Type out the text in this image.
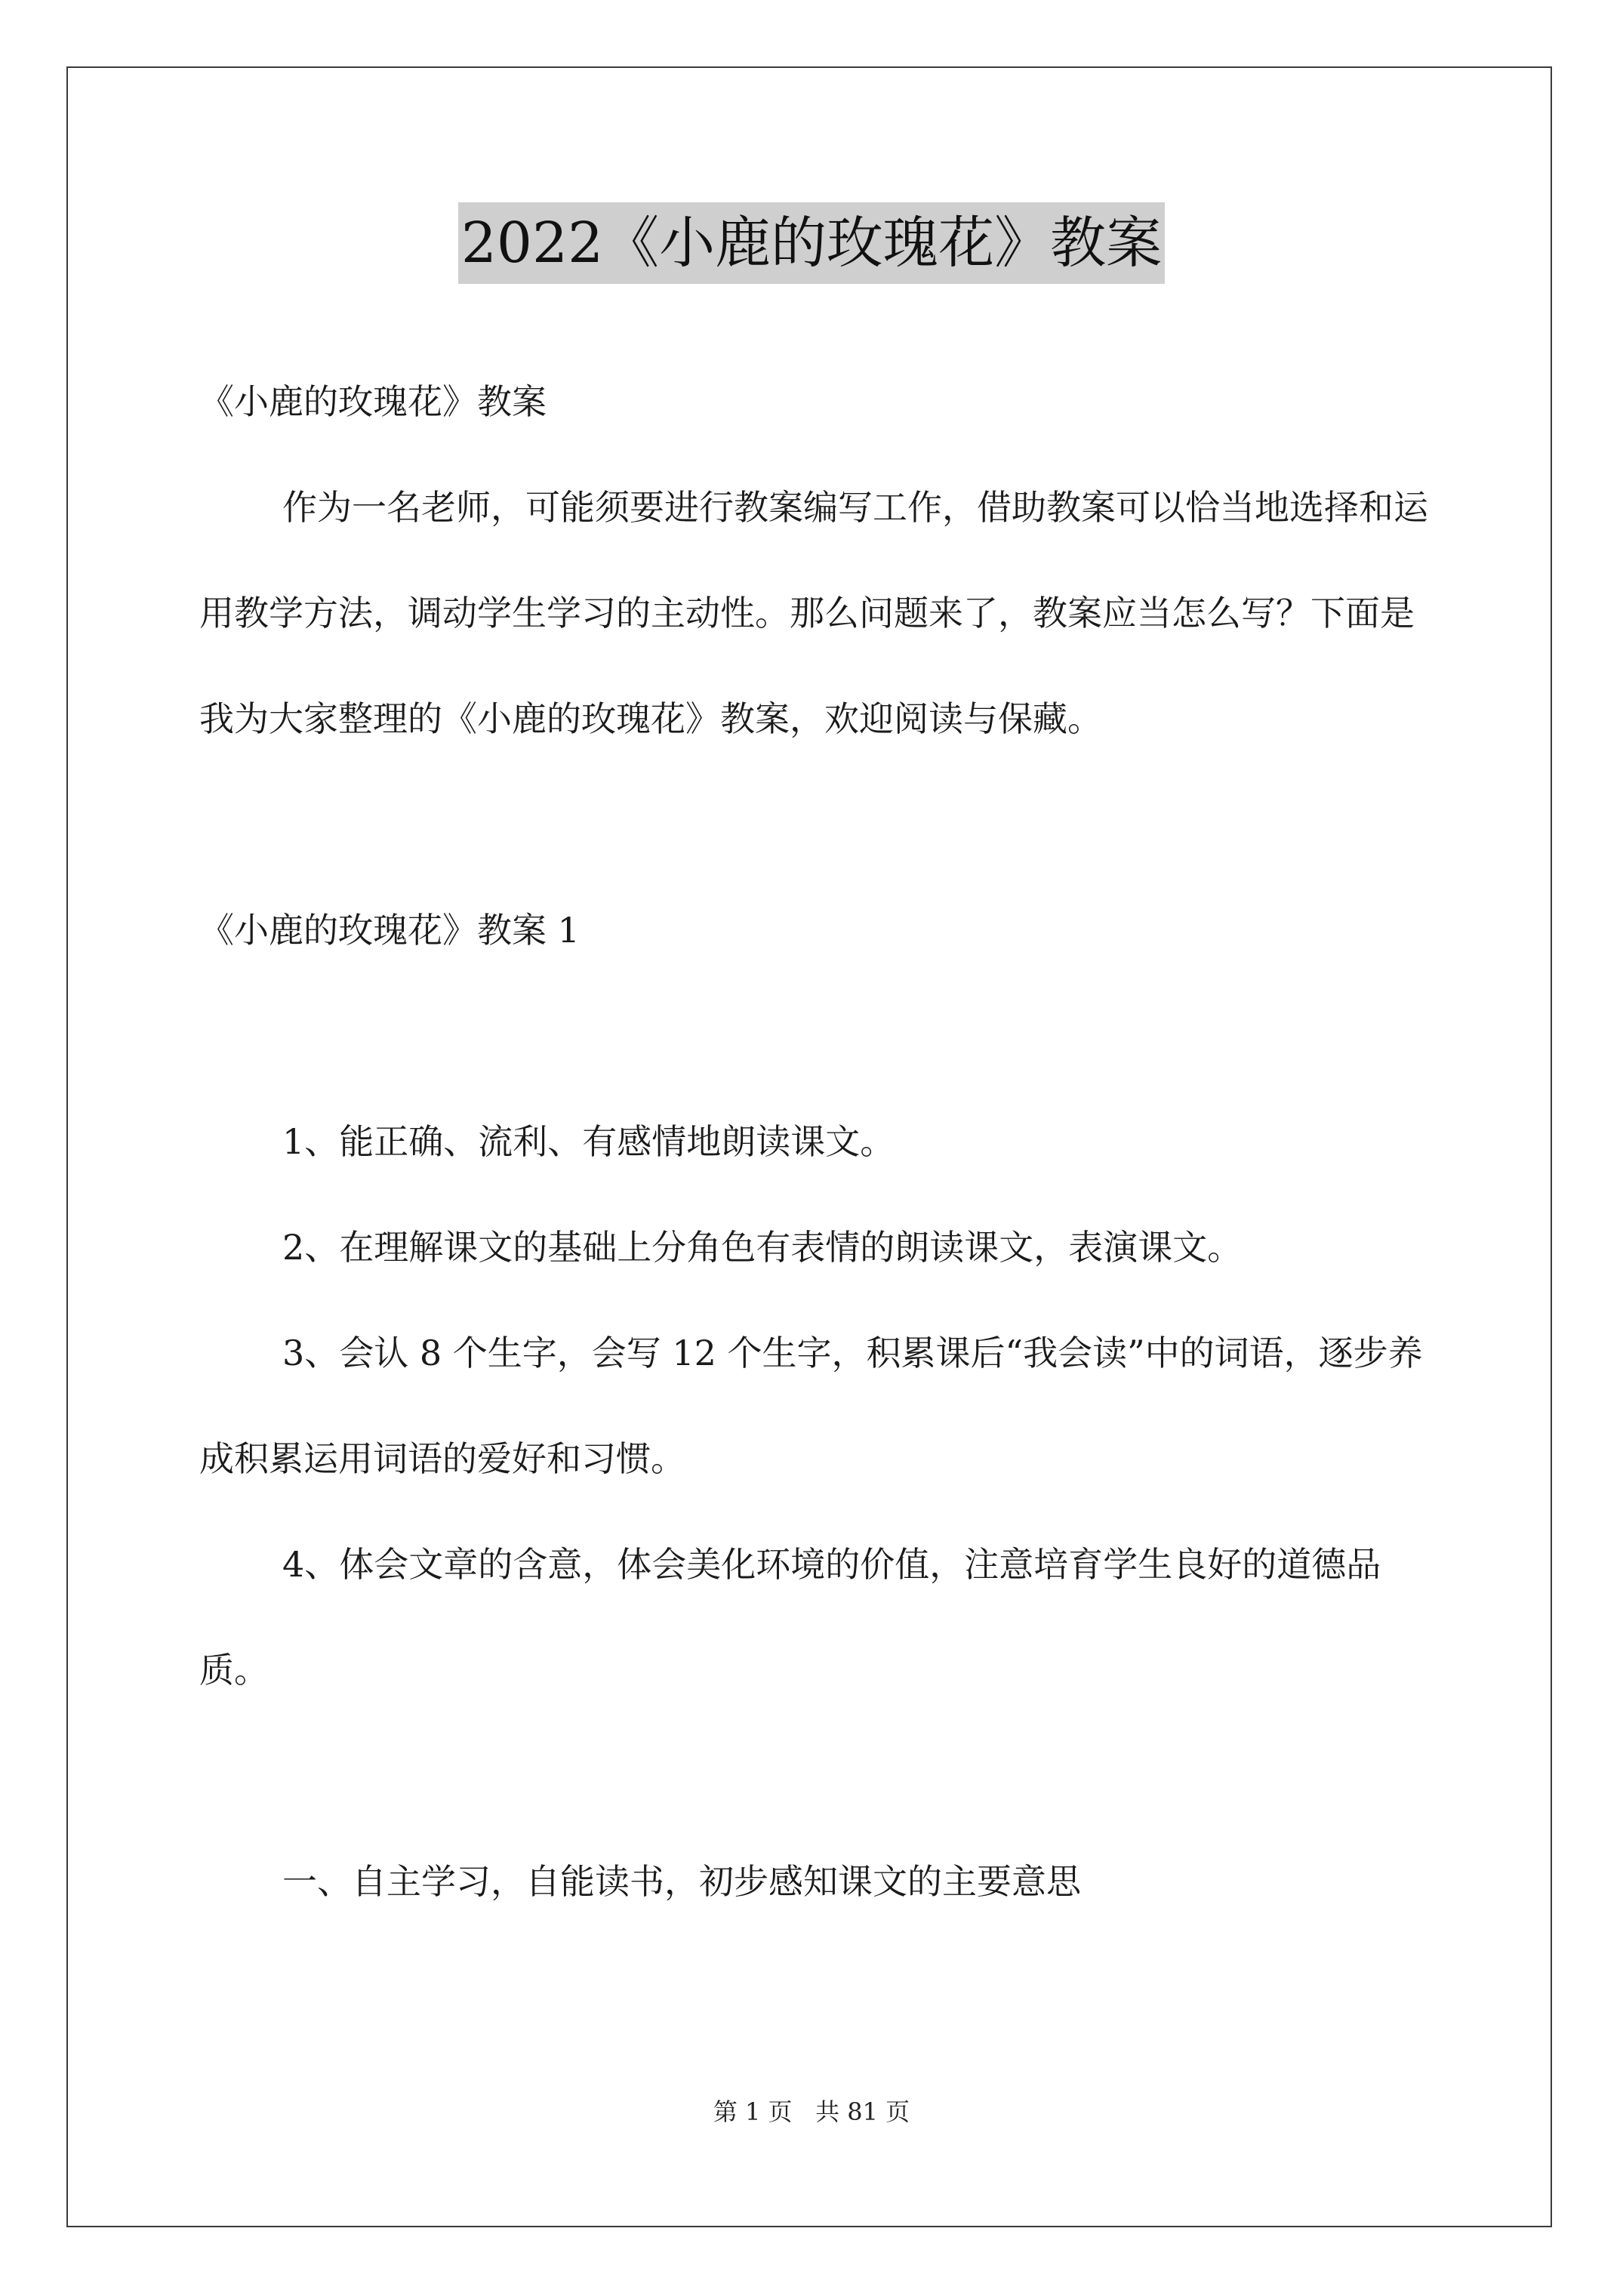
2022《小鹿的玫瑰花》教案

《小鹿的玫瑰花》教案

作为一名老师，可能须要进行教案编写工作，借助教案可以恰当地选择和运用教学方法，调动学生学习的主动性。那么问题来了，教案应当怎么写？下面是我为大家整理的《小鹿的玫瑰花》教案，欢迎阅读与保藏。

《小鹿的玫瑰花》教案 1

1、能正确、流利、有感情地朗读课文。

2、在理解课文的基础上分角色有表情的朗读课文，表演课文。

3、会认 8 个生字，会写 12 个生字，积累课后“我会读”中的词语，逐步养成积累运用词语的爱好和习惯。

4、体会文章的含意，体会美化环境的价值，注意培育学生良好的道德品质。

一、自主学习，自能读书，初步感知课文的主要意思

第 1 页   共 81 页
